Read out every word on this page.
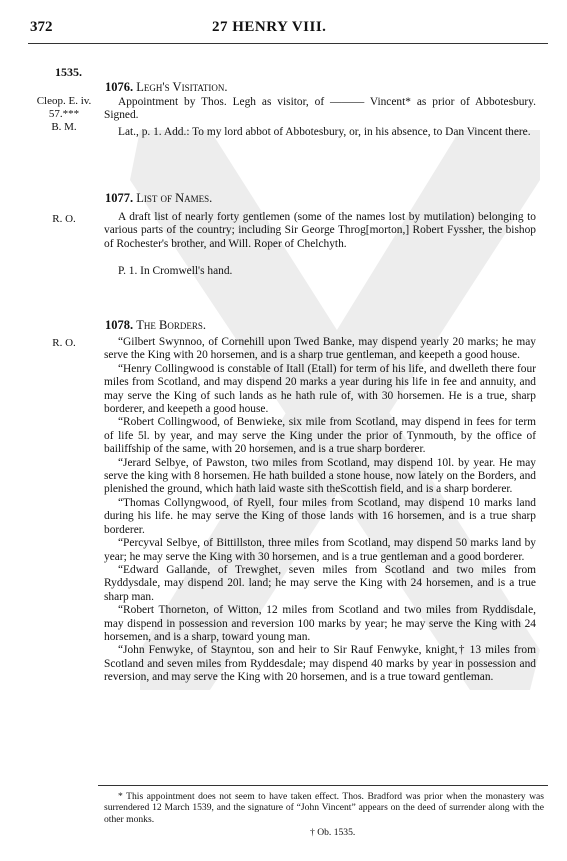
372	27 HENRY VIII.
1535.
Cleop. E. iv.
57.***
B. M.
1076. Legh's Visitation.
Appointment by Thos. Legh as visitor, of ——— Vincent* as prior of Abbotesbury. Signed.
Lat., p. 1. Add.: To my lord abbot of Abbotesbury, or, in his absence, to Dan Vincent there.
R. O.
1077. List of Names.
A draft list of nearly forty gentlemen (some of the names lost by mutilation) belonging to various parts of the country; including Sir George Throg[morton,] Robert Fyssher, the bishop of Rochester's brother, and Will. Roper of Chelchyth.
P. 1. In Cromwell's hand.
R. O.
1078. The Borders.
“Gilbert Swynnoo, of Cornehill upon Twed Banke, may dispend yearly 20 marks; he may serve the King with 20 horsemen, and is a sharp true gentleman, and keepeth a good house.
“Henry Collingwood is constable of Itall (Etall) for term of his life, and dwelleth there four miles from Scotland, and may dispend 20 marks a year during his life in fee and annuity, and may serve the King of such lands as he hath rule of, with 30 horsemen. He is a true, sharp borderer, and keepeth a good house.
“Robert Collingwood, of Benwieke, six mile from Scotland, may dispend in fees for term of life 5l. by year, and may serve the King under the prior of Tynmouth, by the office of bailiffship of the same, with 20 horsemen, and is a true sharp borderer.
“Jerard Selbye, of Pawston, two miles from Scotland, may dispend 10l. by year. He may serve the king with 8 horsemen. He hath builded a stone house, now lately on the Borders, and plenished the ground, which hath laid waste sith theScottish field, and is a sharp borderer.
“Thomas Collyngwood, of Ryell, four miles from Scotland, may dispend 10 marks land during his life. he may serve the King of those lands with 16 horsemen, and is a true sharp borderer.
“Percyval Selbye, of Bittillston, three miles from Scotland, may dispend 50 marks land by year; he may serve the King with 30 horsemen, and is a true gentleman and a good borderer.
“Edward Gallande, of Trewghet, seven miles from Scotland and two miles from Ryddysdale, may dispend 20l. land; he may serve the King with 24 horsemen, and is a true sharp man.
“Robert Thorneton, of Witton, 12 miles from Scotland and two miles from Ryddisdale, may dispend in possession and reversion 100 marks by year; he may serve the King with 24 horsemen, and is a sharp, toward young man.
“John Fenwyke, of Stayntou, son and heir to Sir Rauf Fenwyke, knight,† 13 miles from Scotland and seven miles from Ryddesdale; may dispend 40 marks by year in possession and reversion, and may serve the King with 20 horsemen, and is a true toward gentleman.
* This appointment does not seem to have taken effect. Thos. Bradford was prior when the monastery was surrendered 12 March 1539, and the signature of “John Vincent” appears on the deed of surrender along with the other monks.
† Ob. 1535.
